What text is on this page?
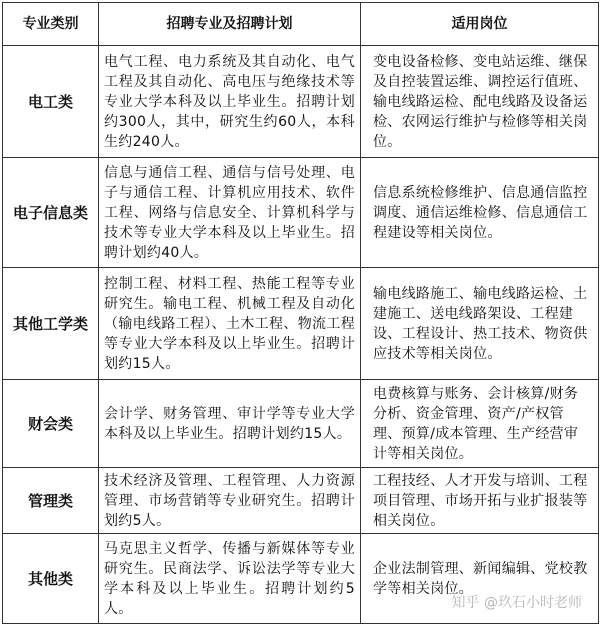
专业类别	招聘专业及招聘计划	适用岗位
电工类	电气工程、电力系统及其自动化、电气工程及其自动化、高电压与绝缘技术等专业大学本科及以上毕业生。招聘计划约300人，其中，研究生约60人，本科生约240人。	变电设备检修、变电站运维、继保及自控装置运维、调控运行值班、输电线路运检、配电线路及设备运检、农网运行维护与检修等相关岗位。
电子信息类	信息与通信工程、通信与信号处理、电子与通信工程、计算机应用技术、软件工程、网络与信息安全、计算机科学与技术等专业大学本科及以上毕业生。招聘计划约40人。	信息系统检修维护、信息通信监控调度、通信运维检修、信息通信工程建设等相关岗位。
其他工学类	控制工程、材料工程、热能工程等专业研究生。输电工程、机械工程及自动化（输电线路工程）、土木工程、物流工程等专业大学本科及以上毕业生。招聘计划约15人。	输电线路施工、输电线路运检、土建施工、送电线路架设、工程建设、工程设计、热工技术、物资供应技术等相关岗位。
财会类	会计学、财务管理、审计学等专业大学本科及以上毕业生。招聘计划约15人。	电费核算与账务、会计核算/财务分析、资金管理、资产/产权管理、预算/成本管理、生产经营审计等相关岗位。
管理类	技术经济及管理、工程管理、人力资源管理、市场营销等专业研究生。招聘计划约5人。	工程技经、人才开发与培训、工程项目管理、市场开拓与业扩报装等相关岗位。
其他类	马克思主义哲学、传播与新媒体等专业研究生。民商法学、诉讼法学等专业大学本科及以上毕业生。招聘计划约5人。	企业法制管理、新闻编辑、党校教学等相关岗位。
知乎 @玖石小时老师
